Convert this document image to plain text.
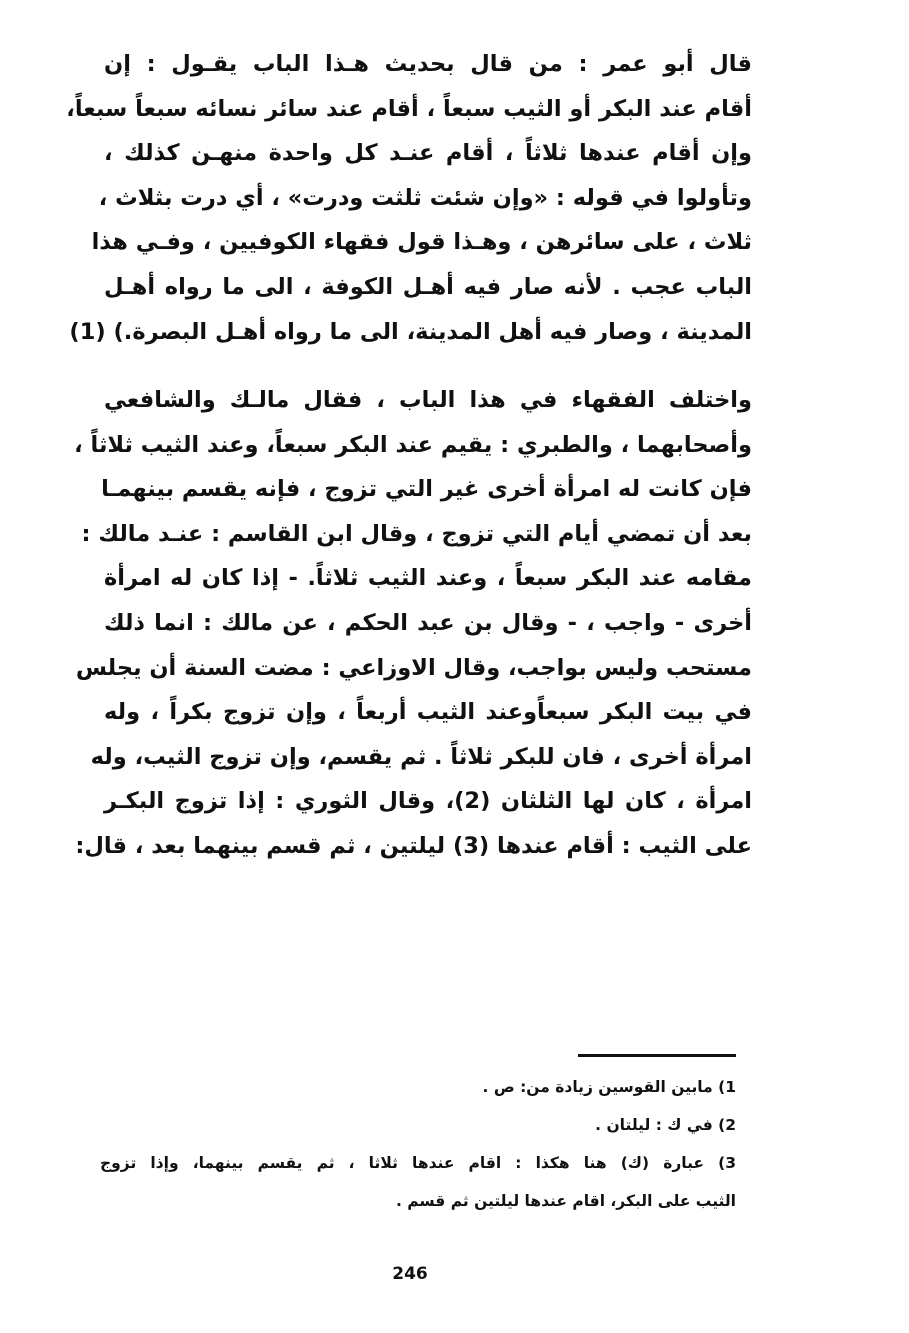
قال أبو عمر : من قال بحديث هـذا الباب يقـول : إن
أقام عند البكر أو الثيب سبعاً ، أقام عند سائر نسائه سبعاً سبعاً،
وإن أقام عندها ثلاثاً ، أقام عنـد كل واحدة منهـن كذلك ،
وتأولوا في قوله : «وإن شئت ثلثت ودرت» ، أي درت بثلاث ،
ثلاث ، على سائرهن ، وهـذا قول فقهاء الكوفيين ، وفـي هذا
الباب عجب . لأنه صار فيه أهـل الكوفة ، الى ما رواه أهـل
المدينة ، وصار فيه أهل المدينة، الى ما رواه أهـل البصرة.) (1)
واختلف الفقهاء في هذا الباب ، فقال مالـك والشافعي
وأصحابهما ، والطبري : يقيم عند البكر سبعاً، وعند الثيب ثلاثاً ،
فإن كانت له امرأة أخرى غير التي تزوج ، فإنه يقسم بينهمـا
بعد أن تمضي أيام التي تزوج ، وقال ابن القاسم : عنـد مالك :
مقامه عند البكر سبعاً ، وعند الثيب ثلاثاً. - إذا كان له امرأة
أخرى - واجب ، - وقال بن عبد الحكم ، عن مالك : انما ذلك
مستحب وليس بواجب، وقال الاوزاعي : مضت السنة أن يجلس
في بيت البكر سبعاًوعند الثيب أربعاً ، وإن تزوج بكراً ، وله
امرأة أخرى ، فان للبكر ثلاثاً . ثم يقسم، وإن تزوج الثيب، وله
امرأة ، كان لها الثلثان (2)، وقال الثوري : إذا تزوج البكـر
على الثيب : أقام عندها (3) ليلتين ، ثم قسم بينهما بعد ، قال:
1) مابين القوسين زيادة من: ص .
2) في ك : ليلتان .
3) عبارة (ك) هنا هكذا : اقام عندها ثلاثا ، ثم يقسم بينهما، وإذا تزوج
الثيب على البكر، اقام عندها ليلتين ثم قسم .
246
